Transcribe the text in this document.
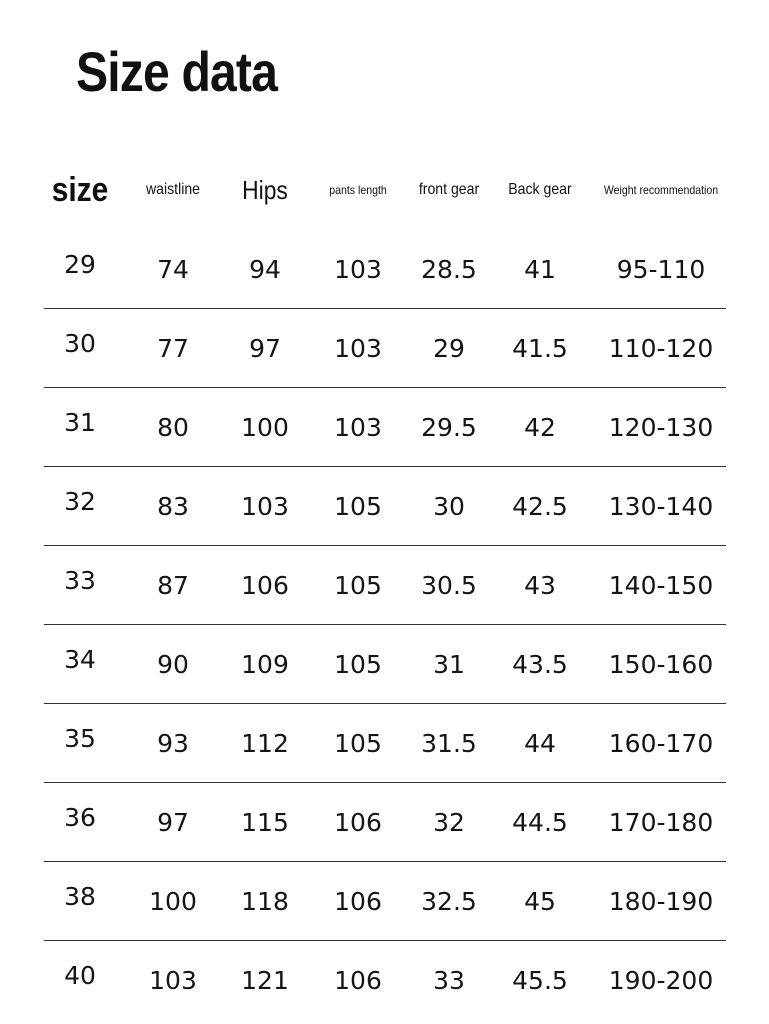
Size data
size	waistline	Hips	pants length	front gear	Back gear	Weight recommendation
29	74	94	103	28.5	41	95-110
30	77	97	103	29	41.5	110-120
31	80	100	103	29.5	42	120-130
32	83	103	105	30	42.5	130-140
33	87	106	105	30.5	43	140-150
34	90	109	105	31	43.5	150-160
35	93	112	105	31.5	44	160-170
36	97	115	106	32	44.5	170-180
38	100	118	106	32.5	45	180-190
40	103	121	106	33	45.5	190-200
